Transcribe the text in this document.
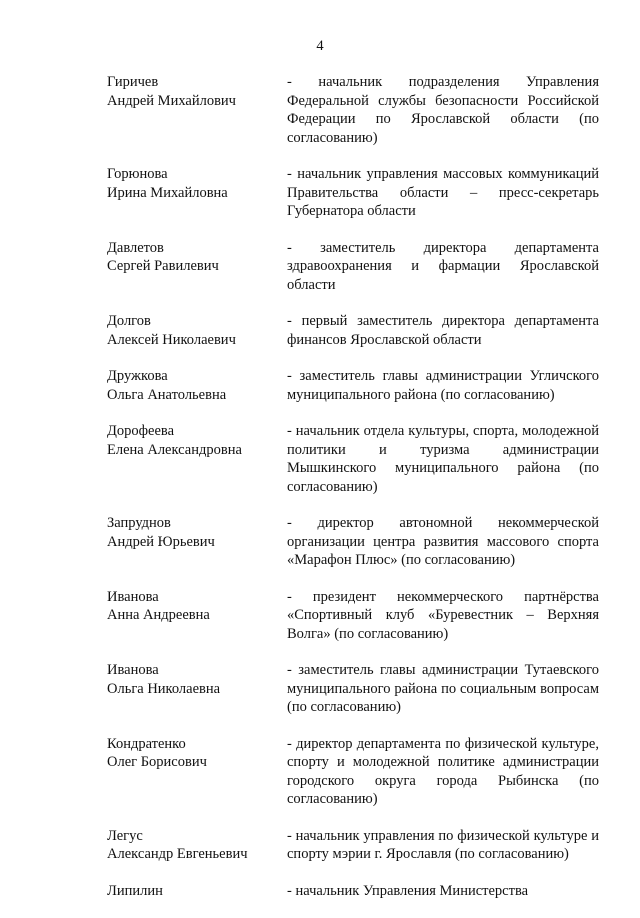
4
Гиричев
Андрей Михайлович
- начальник подразделения Управления Федеральной службы безопасности Российской Федерации по Ярославской области (по согласованию)
Горюнова
Ирина Михайловна
- начальник управления массовых коммуникаций Правительства области – пресс-секретарь Губернатора области
Давлетов
Сергей Равилевич
- заместитель директора департамента здравоохранения и фармации Ярославской области
Долгов
Алексей Николаевич
- первый заместитель директора департамента финансов Ярославской области
Дружкова
Ольга Анатольевна
- заместитель главы администрации Угличского муниципального района (по согласованию)
Дорофеева
Елена Александровна
- начальник отдела культуры, спорта, молодежной политики и туризма администрации Мышкинского муниципального района (по согласованию)
Запруднов
Андрей Юрьевич
- директор автономной некоммерческой организации центра развития массового спорта «Марафон Плюс» (по согласованию)
Иванова
Анна Андреевна
- президент некоммерческого партнёрства «Спортивный клуб «Буревестник – Верхняя Волга» (по согласованию)
Иванова
Ольга Николаевна
- заместитель главы администрации Тутаевского муниципального района по социальным вопросам (по согласованию)
Кондратенко
Олег Борисович
- директор департамента по физической культуре, спорту и молодежной политике администрации городского округа города Рыбинска (по согласованию)
Легус
Александр Евгеньевич
- начальник управления по физической культуре и спорту мэрии г. Ярославля (по согласованию)
Липилин	- начальник Управления Министерства
